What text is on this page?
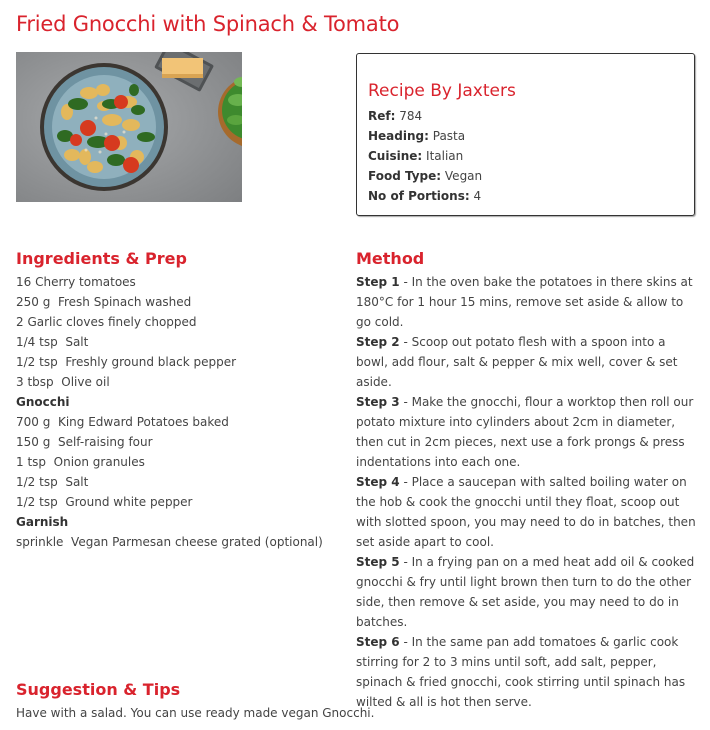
Fried Gnocchi with Spinach & Tomato
Recipe By Jaxters
Ref: 784
Heading: Pasta
Cuisine: Italian
Food Type: Vegan
No of Portions: 4
Ingredients & Prep
16 Cherry tomatoes
250 g  Fresh Spinach washed
2 Garlic cloves finely chopped
1/4 tsp  Salt
1/2 tsp  Freshly ground black pepper
3 tbsp  Olive oil
Gnocchi
700 g  King Edward Potatoes baked
150 g  Self-raising four
1 tsp  Onion granules
1/2 tsp  Salt
1/2 tsp  Ground white pepper
Garnish
sprinkle  Vegan Parmesan cheese grated (optional)
Method
Step 1 - In the oven bake the potatoes in there skins at 180°C for 1 hour 15 mins, remove set aside & allow to go cold.
Step 2 - Scoop out potato flesh with a spoon into a bowl, add flour, salt & pepper & mix well, cover & set aside.
Step 3 - Make the gnocchi, flour a worktop then roll our potato mixture into cylinders about 2cm in diameter, then cut in 2cm pieces, next use a fork prongs & press indentations into each one.
Step 4 - Place a saucepan with salted boiling water on the hob & cook the gnocchi until they float, scoop out with slotted spoon, you may need to do in batches, then set aside apart to cool.
Step 5 - In a frying pan on a med heat add oil & cooked gnocchi & fry until light brown then turn to do the other side, then remove & set aside, you may need to do in batches.
Step 6 - In the same pan add tomatoes & garlic cook stirring for 2 to 3 mins until soft, add salt, pepper, spinach & fried gnocchi, cook stirring until spinach has wilted & all is hot then serve.
Suggestion & Tips
Have with a salad. You can use ready made vegan Gnocchi.
